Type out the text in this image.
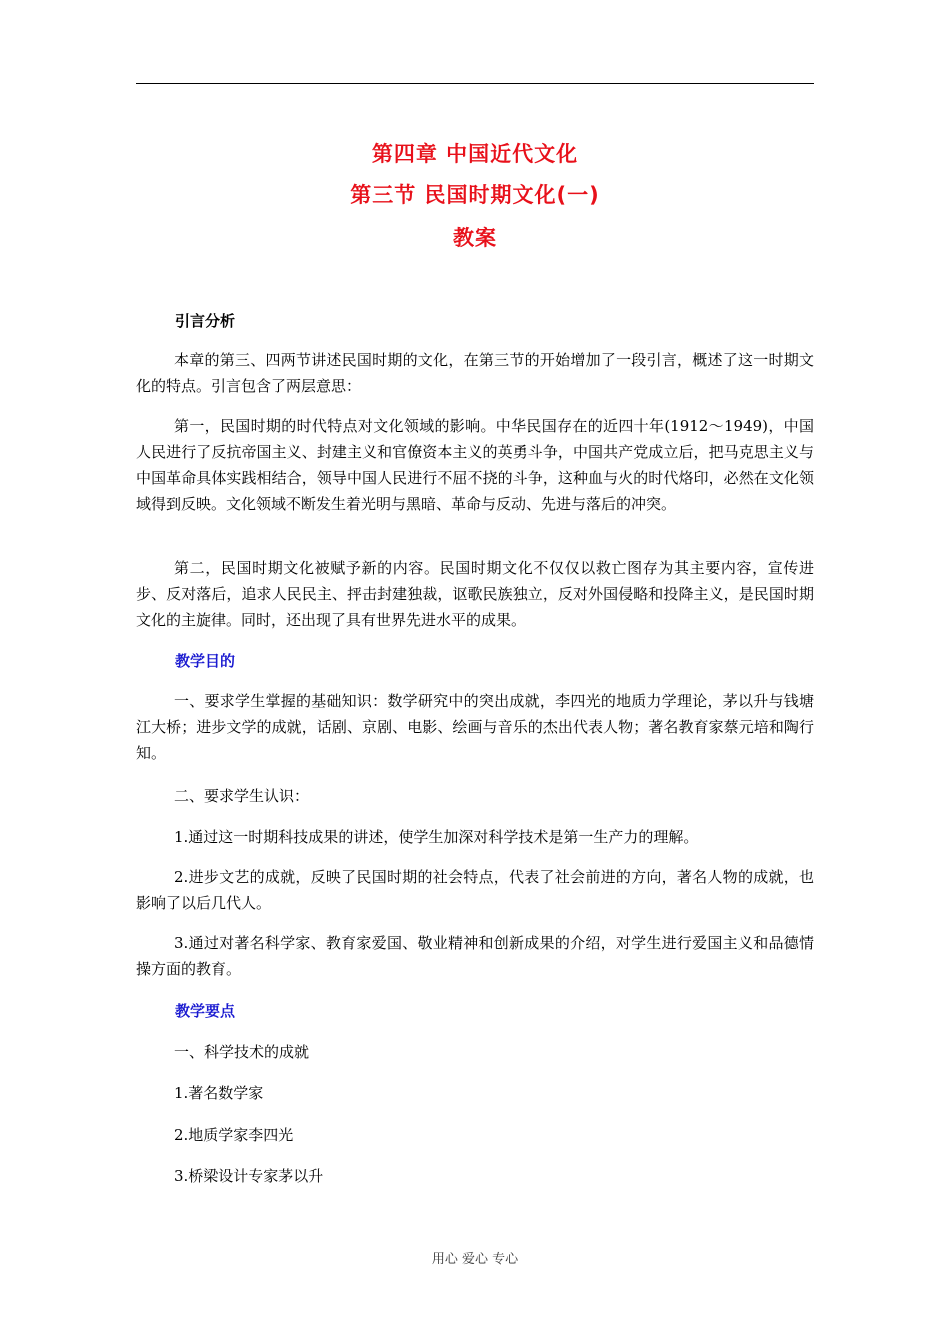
第四章 中国近代文化
第三节 民国时期文化(一)
教案
引言分析
本章的第三、四两节讲述民国时期的文化，在第三节的开始增加了一段引言，概述了这一时期文化的特点。引言包含了两层意思：
第一，民国时期的时代特点对文化领域的影响。中华民国存在的近四十年(1912～1949)，中国人民进行了反抗帝国主义、封建主义和官僚资本主义的英勇斗争，中国共产党成立后，把马克思主义与中国革命具体实践相结合，领导中国人民进行不屈不挠的斗争，这种血与火的时代烙印，必然在文化领域得到反映。文化领域不断发生着光明与黑暗、革命与反动、先进与落后的冲突。
第二，民国时期文化被赋予新的内容。民国时期文化不仅仅以救亡图存为其主要内容，宣传进步、反对落后，追求人民民主、抨击封建独裁，讴歌民族独立，反对外国侵略和投降主义，是民国时期文化的主旋律。同时，还出现了具有世界先进水平的成果。
教学目的
一、要求学生掌握的基础知识：数学研究中的突出成就，李四光的地质力学理论，茅以升与钱塘江大桥；进步文学的成就，话剧、京剧、电影、绘画与音乐的杰出代表人物；著名教育家蔡元培和陶行知。
二、要求学生认识：
1.通过这一时期科技成果的讲述，使学生加深对科学技术是第一生产力的理解。
2.进步文艺的成就，反映了民国时期的社会特点，代表了社会前进的方向，著名人物的成就，也影响了以后几代人。
3.通过对著名科学家、教育家爱国、敬业精神和创新成果的介绍，对学生进行爱国主义和品德情操方面的教育。
教学要点
一、科学技术的成就
1.著名数学家
2.地质学家李四光
3.桥梁设计专家茅以升
用心 爱心 专心
